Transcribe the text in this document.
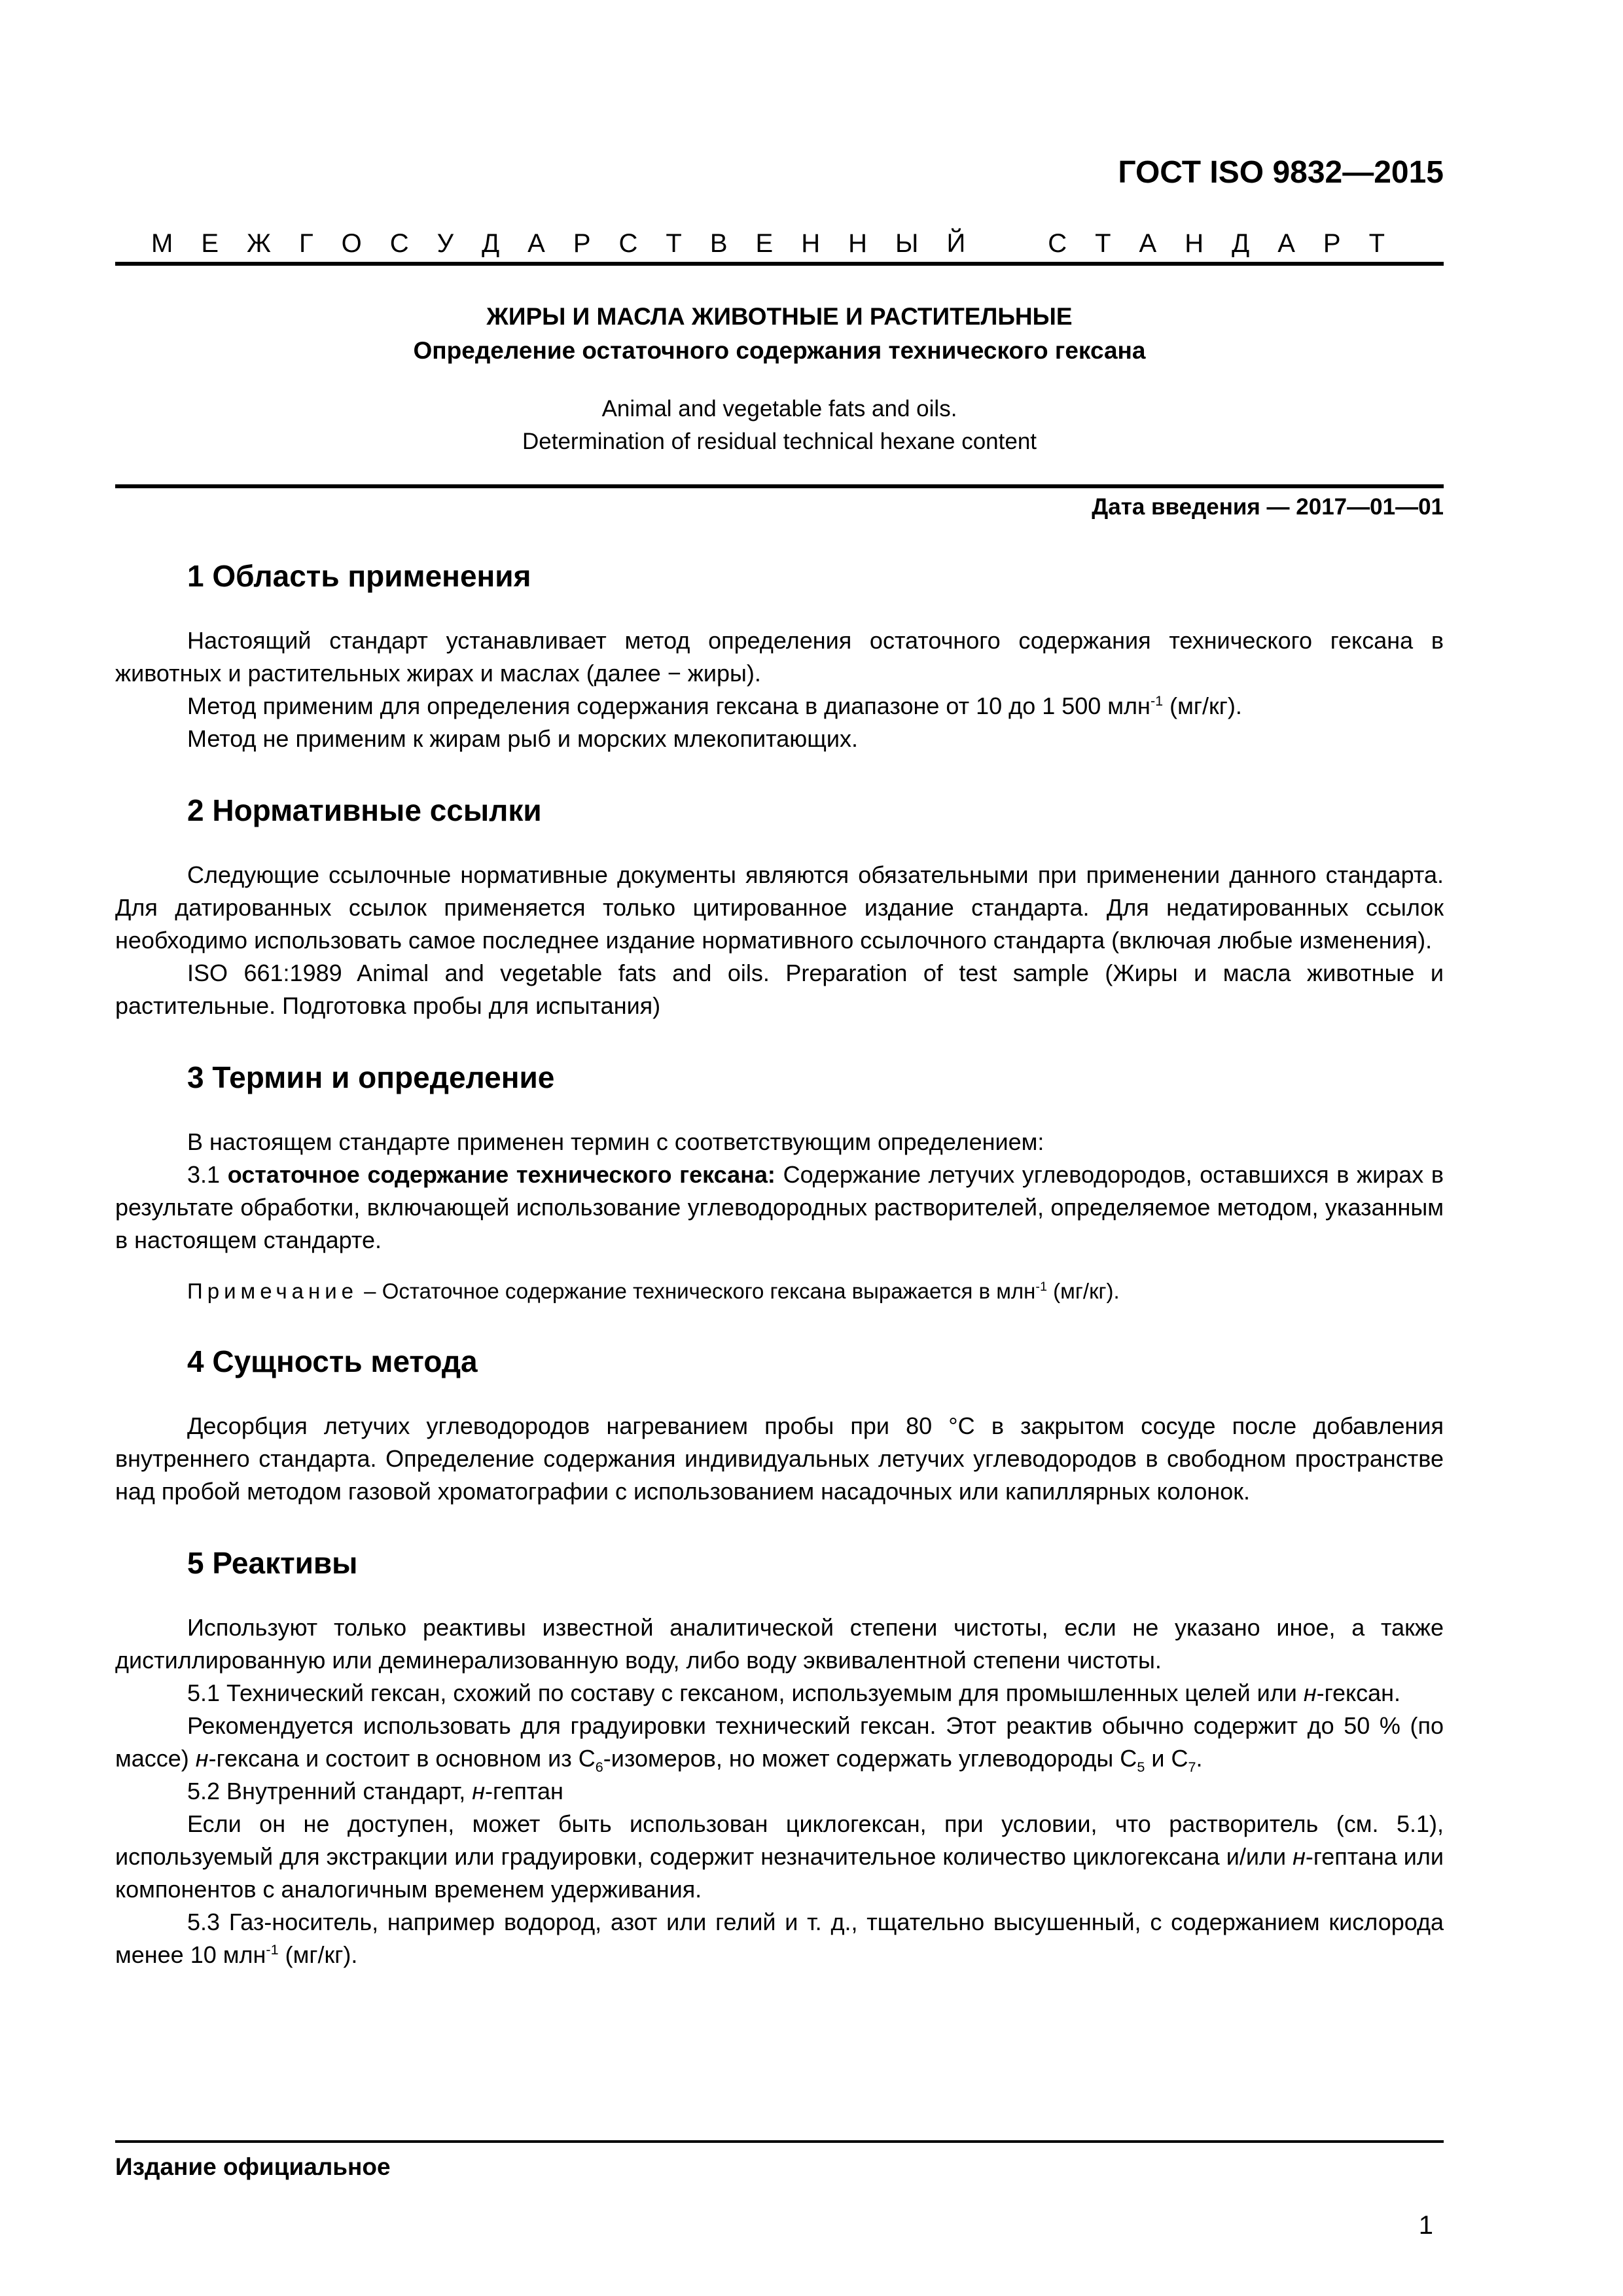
ГОСТ ISO 9832—2015
М Е Ж Г О С У Д А Р С Т В Е Н Н Ы Й	С Т А Н Д А Р Т
ЖИРЫ И МАСЛА ЖИВОТНЫЕ И РАСТИТЕЛЬНЫЕ
Определение остаточного содержания технического гексана
Animal and vegetable fats and oils.
Determination of residual technical hexane content
Дата введения — 2017—01—01
1 Область применения

Настоящий стандарт устанавливает метод определения остаточного содержания технического гексана в животных и растительных жирах и маслах (далее − жиры).

Метод применим для определения содержания гексана в диапазоне от 10 до 1 500 млн$^{-1}$ (мг/кг).

Метод не применим к жирам рыб и морских млекопитающих.

2 Нормативные ссылки

Следующие ссылочные нормативные документы являются обязательными при применении данного стандарта. Для датированных ссылок применяется только цитированное издание стандарта. Для недатированных ссылок необходимо использовать самое последнее издание нормативного ссылочного стандарта (включая любые изменения).

ISO 661:1989 Animal and vegetable fats and oils. Preparation of test sample (Жиры и масла животные и растительные. Подготовка пробы для испытания)

3 Термин и определение

В настоящем стандарте применен термин с соответствующим определением:

3.1 остаточное содержание технического гексана: Содержание летучих углеводородов, оставшихся в жирах в результате обработки, включающей использование углеводородных растворителей, определяемое методом, указанным в настоящем стандарте.

Примечание – Остаточное содержание технического гексана выражается в млн$^{-1}$ (мг/кг).

4 Сущность метода

Десорбция летучих углеводородов нагреванием пробы при 80 °С в закрытом сосуде после добавления внутреннего стандарта. Определение содержания индивидуальных летучих углеводородов в свободном пространстве над пробой методом газовой хроматографии с использованием насадочных или капиллярных колонок.

5 Реактивы

Используют только реактивы известной аналитической степени чистоты, если не указано иное, а также дистиллированную или деминерализованную воду, либо воду эквивалентной степени чистоты.

5.1 Технический гексан, схожий по составу с гексаном, используемым для промышленных целей или н-гексан.

Рекомендуется использовать для градуировки технический гексан. Этот реактив обычно содержит до 50 % (по массе) н-гексана и состоит в основном из $С_6$-изомеров, но может содержать углеводороды $С_5$ и $С_7$.

5.2 Внутренний стандарт, н-гептан

Если он не доступен, может быть использован циклогексан, при условии, что растворитель (см. 5.1), используемый для экстракции или градуировки, содержит незначительное количество циклогексана и/или н-гептана или компонентов с аналогичным временем удерживания.

5.3 Газ-носитель, например водород, азот или гелий и т. д., тщательно высушенный, с содержанием кислорода менее 10 млн$^{-1}$ (мг/кг).

Издание официальное
1
